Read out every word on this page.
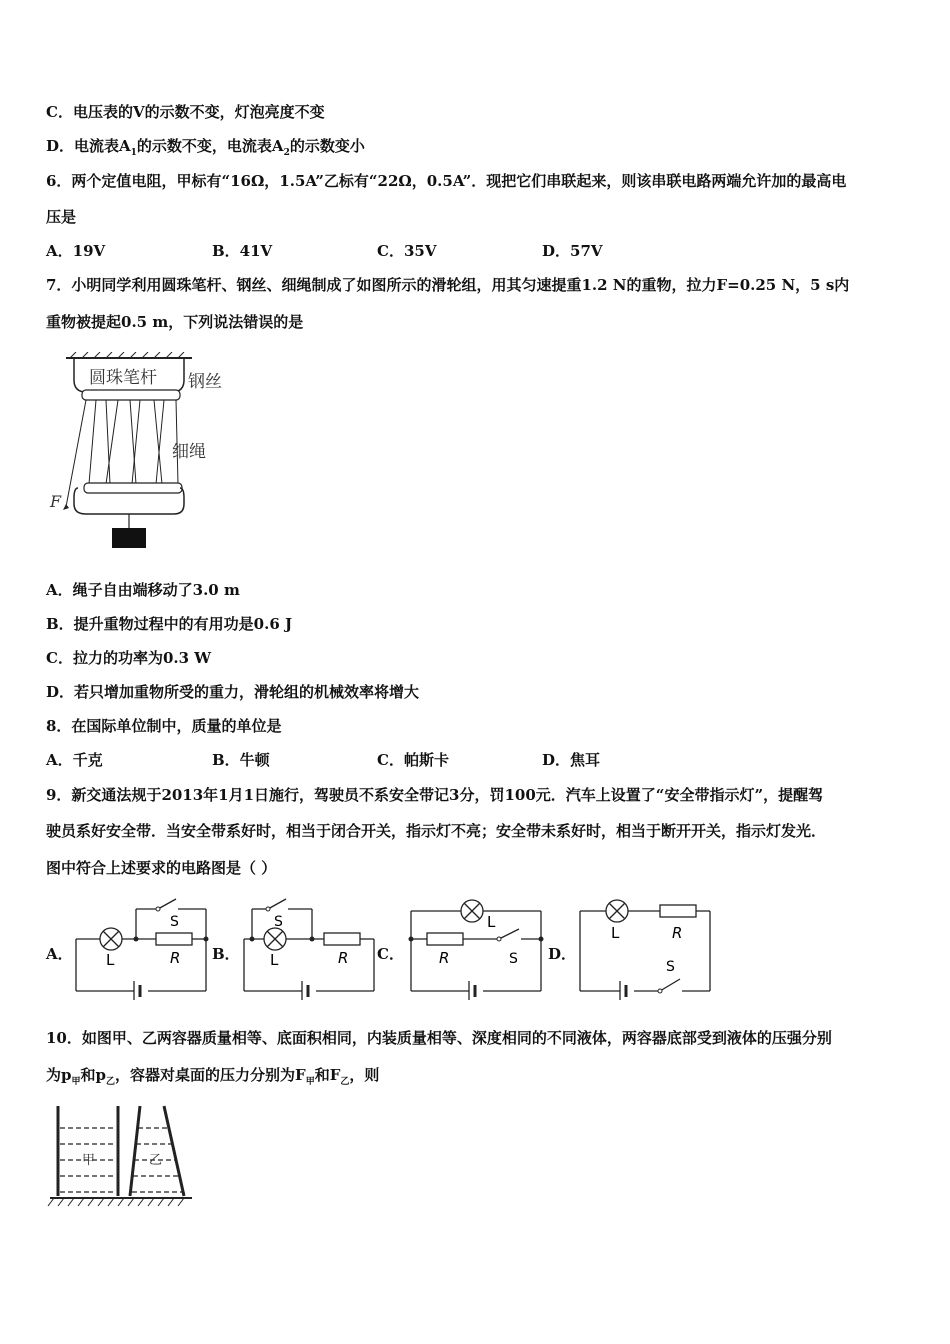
C．电压表的V的示数不变，灯泡亮度不变
D．电流表$A_1$的示数不变，电流表$A_2$的示数变小
6．两个定值电阻，甲标有“16Ω，1.5A”乙标有“22Ω，0.5A”．现把它们串联起来，则该串联电路两端允许加的最高电
压是
A．19V	B．41V	C．35V	D．57V
7．小明同学利用圆珠笔杆、钢丝、细绳制成了如图所示的滑轮组，用其匀速提重1.2 N的重物，拉力F=0.25 N，5 s内
重物被提起0.5 m，下列说法错误的是
圆珠笔杆 钢丝
细绳
F
A．绳子自由端移动了3.0 m
B．提升重物过程中的有用功是0.6 J
C．拉力的功率为0.3 W
D．若只增加重物所受的重力，滑轮组的机械效率将增大
8．在国际单位制中，质量的单位是
A．千克	B．牛顿	C．帕斯卡	D．焦耳
9．新交通法规于2013年1月1日施行，驾驶员不系安全带记3分，罚100元．汽车上设置了“安全带指示灯”，提醒驾
驶员系好安全带．当安全带系好时，相当于闭合开关，指示灯不亮；安全带未系好时，相当于断开开关，指示灯发光．
图中符合上述要求的电路图是（ ）
A．	B．	C．	D．
L	R
S
L	R
S	L
R	S
L	R
S
10．如图甲、乙两容器质量相等、底面积相同，内装质量相等、深度相同的不同液体，两容器底部受到液体的压强分别
为$p_甲$和$p_乙$，容器对桌面的压力分别为$F_甲$和$F_乙$，则
甲	乙
